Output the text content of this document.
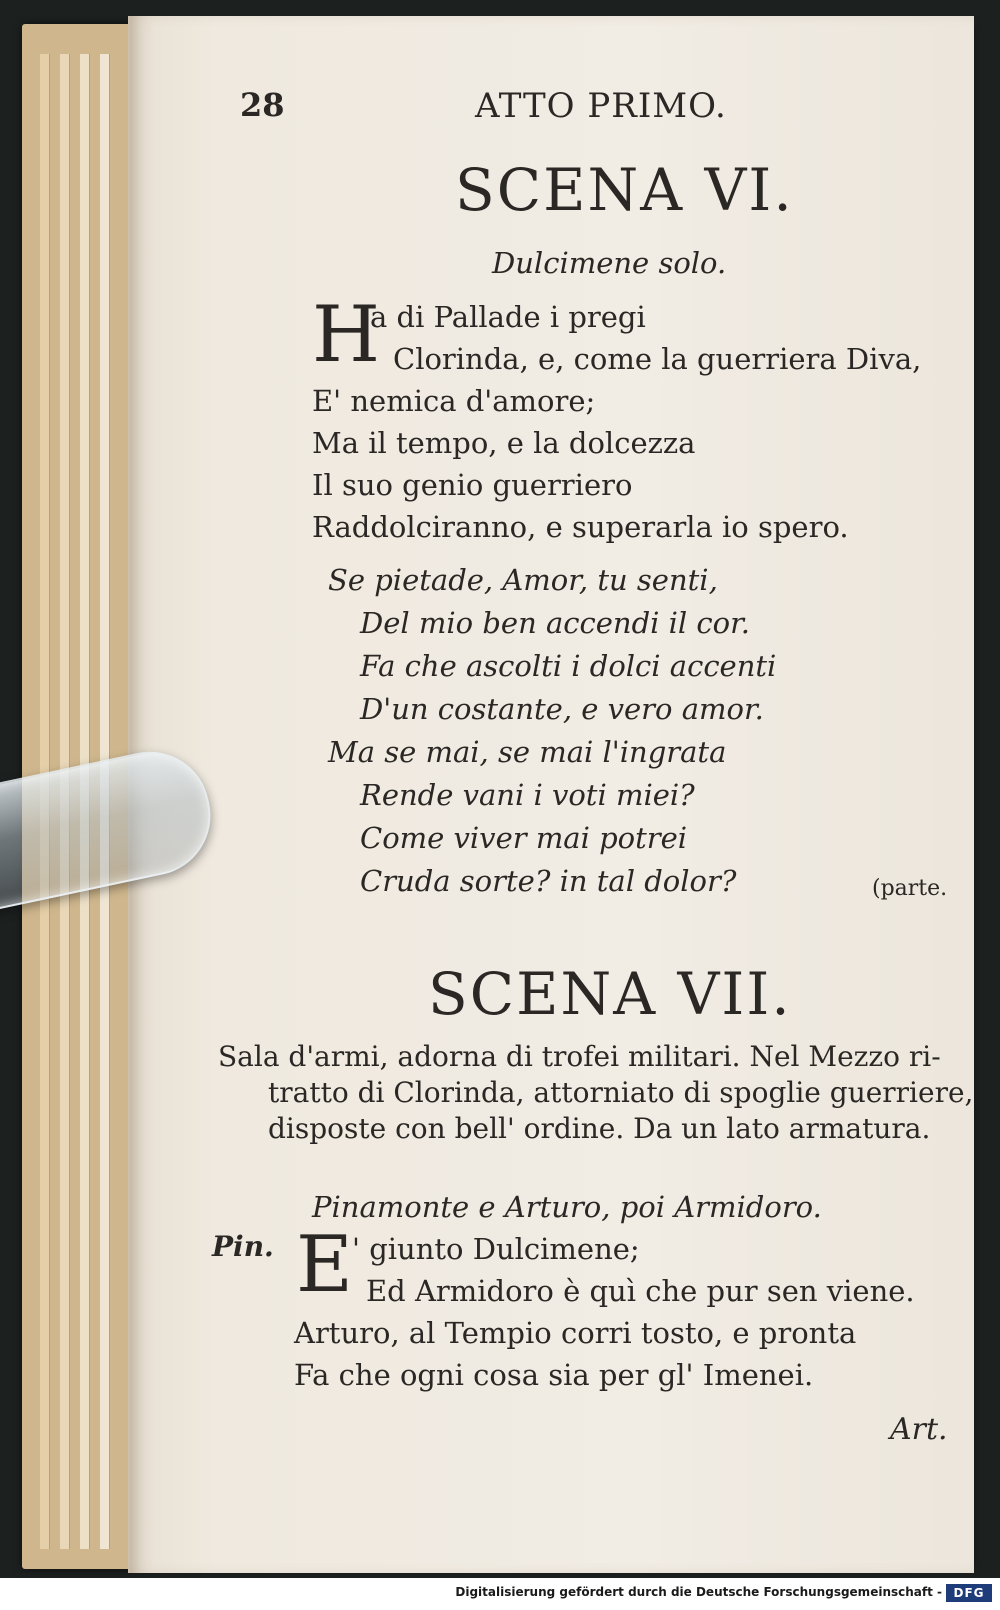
28	ATTO PRIMO.
SCENA VI.
Dulcimene solo.
H
a di Pallade i pregi
Clorinda, e, come la guerriera Diva,
E' nemica d'amore;
Ma il tempo, e la dolcezza
Il suo genio guerriero
Raddolciranno, e superarla io spero.
Se pietade, Amor, tu senti,
Del mio ben accendi il cor.
Fa che ascolti i dolci accenti
D'un costante, e vero amor.
Ma se mai, se mai l'ingrata
Rende vani i voti miei?
Come viver mai potrei
Cruda sorte? in tal dolor?	(parte.
SCENA VII.
Sala d'armi, adorna di trofei militari. Nel Mezzo ri-
tratto di Clorinda, attorniato di spoglie guerriere,
disposte con bell' ordine. Da un lato armatura.
Pinamonte e Arturo, poi Armidoro.
Pin. E ' giunto Dulcimene;
Ed Armidoro è quì che pur sen viene.
Arturo, al Tempio corri tosto, e pronta
Fa che ogni cosa sia per gl' Imenei.
Art.
Digitalisierung gefördert durch die Deutsche Forschungsgemeinschaft - DFG
